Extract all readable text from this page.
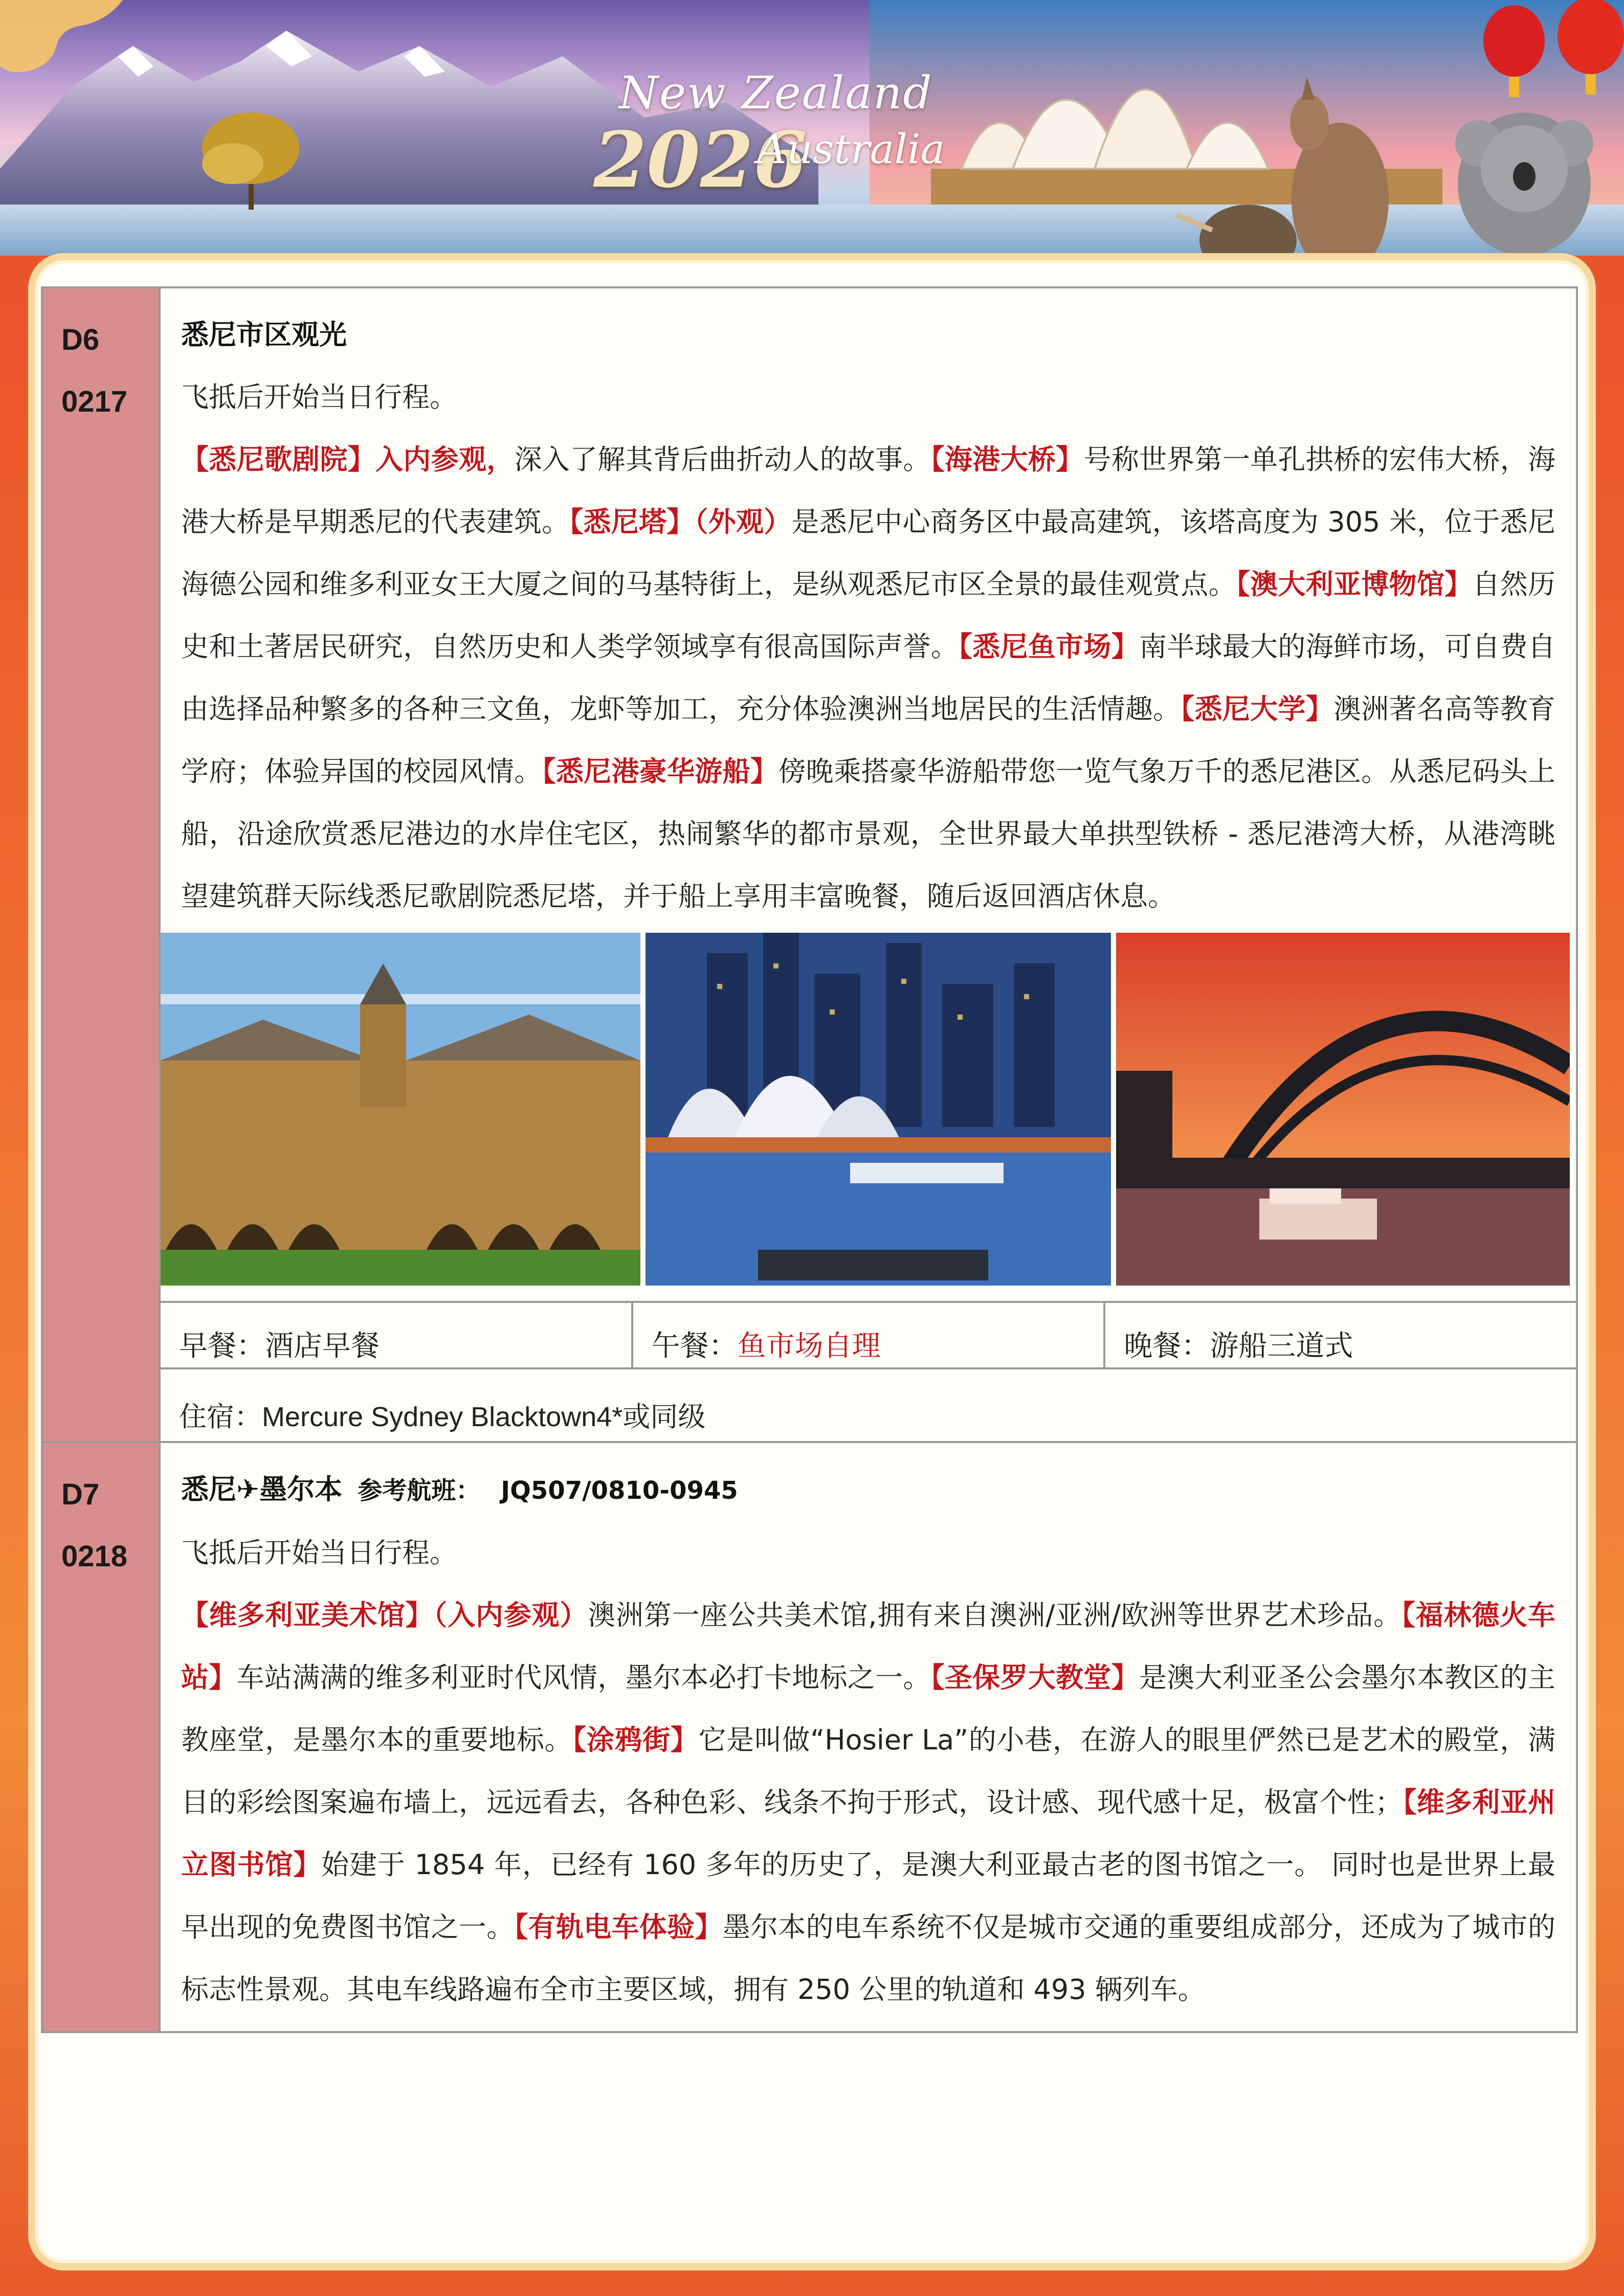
New Zealand
2026
Australia
D6
0217
悉尼市区观光
飞抵后开始当日行程。
【悉尼歌剧院】入内参观，深入了解其背后曲折动人的故事。【海港大桥】号称世界第一单孔拱桥的宏伟大桥，海港大桥是早期悉尼的代表建筑。【悉尼塔】（外观）是悉尼中心商务区中最高建筑，该塔高度为 305 米，位于悉尼海德公园和维多利亚女王大厦之间的马基特街上，是纵观悉尼市区全景的最佳观赏点。【澳大利亚博物馆】自然历史和土著居民研究，自然历史和人类学领域享有很高国际声誉。【悉尼鱼市场】南半球最大的海鲜市场，可自费自由选择品种繁多的各种三文鱼，龙虾等加工，充分体验澳洲当地居民的生活情趣。【悉尼大学】澳洲著名高等教育学府；体验异国的校园风情。【悉尼港豪华游船】傍晚乘搭豪华游船带您一览气象万千的悉尼港区。从悉尼码头上船，沿途欣赏悉尼港边的水岸住宅区，热闹繁华的都市景观，全世界最大单拱型铁桥 - 悉尼港湾大桥，从港湾眺望建筑群天际线悉尼歌剧院悉尼塔，并于船上享用丰富晚餐，随后返回酒店休息。
早餐：酒店早餐	午餐：鱼市场自理	晚餐：游船三道式
住宿：Mercure Sydney Blacktown4*或同级
D7
0218
悉尼✈墨尔本 参考航班： JQ507/0810-0945
飞抵后开始当日行程。
【维多利亚美术馆】（入内参观）澳洲第一座公共美术馆,拥有来自澳洲/亚洲/欧洲等世界艺术珍品。【福林德火车站】车站满满的维多利亚时代风情，墨尔本必打卡地标之一。【圣保罗大教堂】是澳大利亚圣公会墨尔本教区的主教座堂，是墨尔本的重要地标。【涂鸦街】它是叫做“Hosier La”的小巷，在游人的眼里俨然已是艺术的殿堂，满目的彩绘图案遍布墙上，远远看去，各种色彩、线条不拘于形式，设计感、现代感十足，极富个性；【维多利亚州立图书馆】始建于 1854 年，已经有 160 多年的历史了，是澳大利亚最古老的图书馆之一。 同时也是世界上最早出现的免费图书馆之一。【有轨电车体验】墨尔本的电车系统不仅是城市交通的重要组成部分，还成为了城市的标志性景观。其电车线路遍布全市主要区域，拥有 250 公里的轨道和 493 辆列车。
